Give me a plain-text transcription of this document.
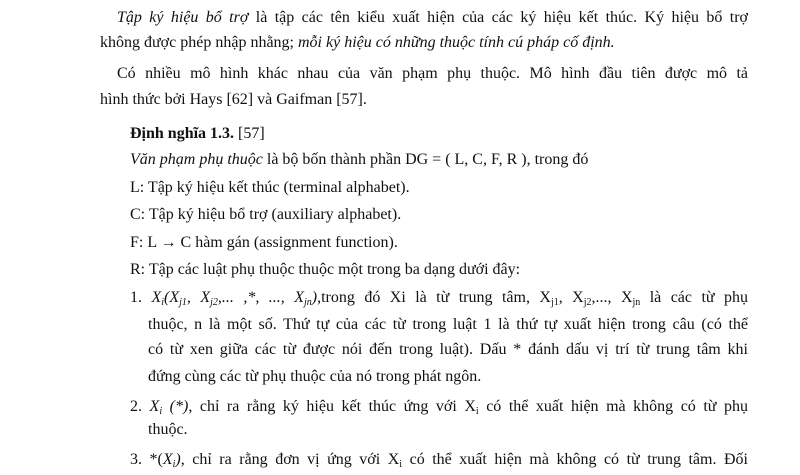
Tập ký hiệu bổ trợ là tập các tên kiểu xuất hiện của các ký hiệu kết thúc. Ký hiệu bổ trợ
không được phép nhập nhằng; mỗi ký hiệu có những thuộc tính cú pháp cố định.
Có nhiều mô hình khác nhau của văn phạm phụ thuộc. Mô hình đầu tiên được mô tả
hình thức bởi Hays [62] và Gaifman [57].
Định nghĩa 1.3. [57]
Văn phạm phụ thuộc là bộ bốn thành phần DG = ( L, C, F, R ), trong đó
L: Tập ký hiệu kết thúc (terminal alphabet).
C: Tập ký hiệu bổ trợ (auxiliary alphabet).
F: L → C hàm gán (assignment function).
R: Tập các luật phụ thuộc thuộc một trong ba dạng dưới đây:
1. $X_i(X_{j1}$, $X_{j2}$,... ,*, ..., $X_{jn}),trong$ đó Xi là từ trung tâm, $X_{j1}$, $X_{j2}$,..., $X_{jn}$ là các từ phụ
thuộc, n là một số. Thứ tự của các từ trong luật 1 là thứ tự xuất hiện trong câu (có thể
có từ xen giữa các từ được nói đến trong luật). Dấu * đánh dấu vị trí từ trung tâm khi
đứng cùng các từ phụ thuộc của nó trong phát ngôn.
2. $X_i$ (*), chỉ ra rằng ký hiệu kết thúc ứng với $X_i$ có thể xuất hiện mà không có từ phụ
thuộc.
3. $*(X_i)$, chỉ ra rằng đơn vị ứng với $X_i$ có thể xuất hiện mà không có từ trung tâm. Đối
